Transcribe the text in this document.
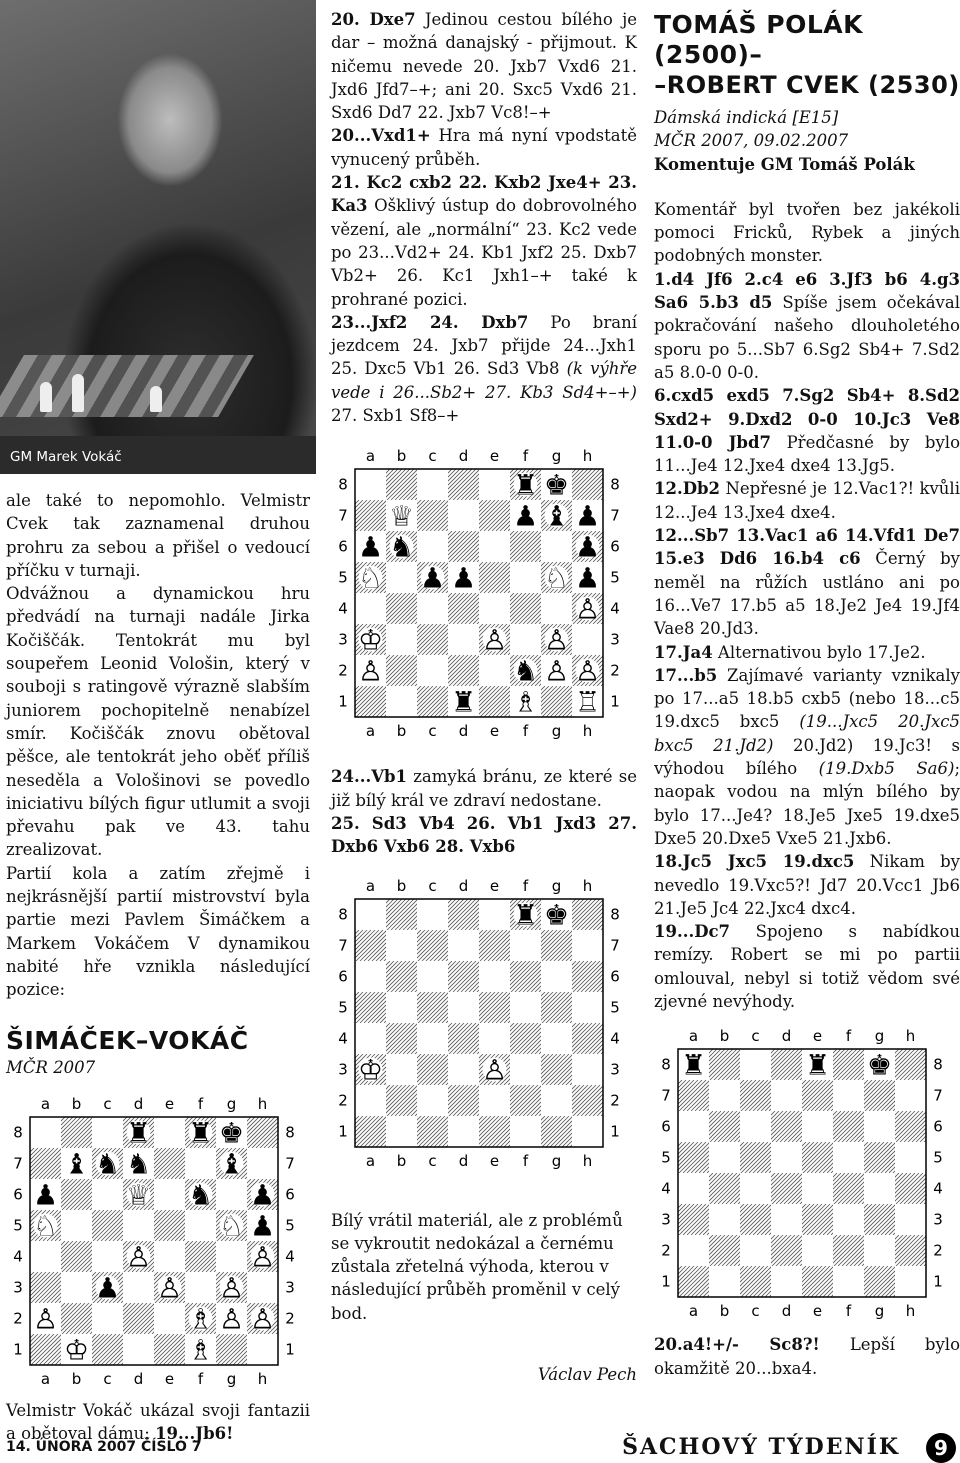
GM Marek Vokáč

ale také to nepomohlo. Velmistr Cvek tak zaznamenal druhou prohru za sebou a přišel o vedoucí příčku v turnaji.

Odvážnou a dynamickou hru předvádí na turnaji nadále Jirka Kočiščák. Tentokrát mu byl soupeřem Leonid Vološin, který v souboji s ratingově výrazně slabším juniorem pochopitelně nenabízel smír. Kočiščák znovu obětoval pěšce, ale tentokrát jeho oběť příliš neseděla a Vološinovi se povedlo iniciativu bílých figur utlumit a svoji převahu pak ve 43. tahu zrealizovat.

Partií kola a zatím zřejmě i nejkrásnější partií mistrovství byla partie mezi Pavlem Šimáčkem a Markem Vokáčem V dynamikou nabité hře vznikla následující pozice:

ŠIMÁČEK–VOKÁČ
MČR 2007
a
a
b
b
c
c
d
d
e
e
f
f
g
g
h
h
8	8
7	7
6	6
5	5
4	4
3	3
2	2
1	1
♜ ♜ ♚
♝ ♞ ♞ ♝
♟ ♕ ♞ ♟
♘	♘ ♟
♙	♙
♟ ♙ ♙
♙	♗ ♙ ♙
♔	♗

Velmistr Vokáč ukázal svoji fantazii a obětoval dámu: 19...Jb6!

20. Dxe7 Jedinou cestou bílého je dar – možná danajský - přijmout. K ničemu nevede 20. Jxb7 Vxd6 21. Jxd6 Jfd7–+; ani 20. Sxc5 Vxd6 21. Sxd6 Dd7 22. Jxb7 Vc8!–+

20...Vxd1+ Hra má nyní vpodstatě vynucený průběh.

21. Kc2 cxb2 22. Kxb2 Jxe4+ 23. Ka3 Ošklivý ústup do dobrovolného vězení, ale „normální“ 23. Kc2 vede po 23...Vd2+ 24. Kb1 Jxf2 25. Dxb7 Vb2+ 26. Kc1 Jxh1–+ také k prohrané pozici.

23...Jxf2 24. Dxb7 Po braní jezdcem 24. Jxb7 přijde 24...Jxh1 25. Dxc5 Vb1 26. Sd3 Vb8 (k výhře vede i 26...Sb2+ 27. Kb3 Sd4+–+) 27. Sxb1 Sf8–+

a
a
b
b
c
c
d
d
e
e
f
f
g
g
h
h
8	8
7	7
6	6
5	5
4	4
3	3
2	2
1	1
♜ ♚
♕	♟ ♝ ♟
♟ ♞	♟
♘ ♟ ♟ ♘ ♟
♙
♔	♙ ♙
♙	♞ ♙ ♙
♜ ♗ ♖

24...Vb1 zamyká bránu, ze které se již bílý král ve zdraví nedostane.

25. Sd3 Vb4 26. Vb1 Jxd3 27. Dxb6 Vxb6 28. Vxb6

a
a
b
b
c
c
d
d
e
e
f
f
g
g
h
h
8	8
7	7
6	6
5	5
4	4
3	3
2	2
1	1
♜ ♚
♔	♙

Bílý vrátil materiál, ale z problémů se vykroutit nedokázal a černému zůstala zřetelná výhoda, kterou v následující průběh proměnil v celý bod.

Václav Pech
TOMÁŠ POLÁK (2500)–
–ROBERT CVEK (2530)
Dámská indická [E15]
MČR 2007, 09.02.2007
Komentuje GM Tomáš Polák

Komentář byl tvořen bez jakékoli pomoci Fricků, Rybek a jiných podobných monster.

1.d4 Jf6 2.c4 e6 3.Jf3 b6 4.g3 Sa6 5.b3 d5 Spíše jsem očekával pokračování našeho dlouholetého sporu po 5...Sb7 6.Sg2 Sb4+ 7.Sd2 a5 8.0-0 0-0.

6.cxd5 exd5 7.Sg2 Sb4+ 8.Sd2 Sxd2+ 9.Dxd2 0-0 10.Jc3 Ve8 11.0-0 Jbd7 Předčasné by bylo 11...Je4 12.Jxe4 dxe4 13.Jg5.

12.Db2 Nepřesné je 12.Vac1?! kvůli 12...Je4 13.Jxe4 dxe4.

12...Sb7 13.Vac1 a6 14.Vfd1 De7 15.e3 Dd6 16.b4 c6 Černý by neměl na růžích ustláno ani po 16...Ve7 17.b5 a5 18.Je2 Je4 19.Jf4 Vae8 20.Jd3.

17.Ja4 Alternativou bylo 17.Je2.

17...b5 Zajímavé varianty vznikaly po 17...a5 18.b5 cxb5 (nebo 18...c5 19.dxc5 bxc5 (19...Jxc5 20.Jxc5 bxc5 21.Jd2) 20.Jd2) 19.Jc3! s výhodou bílého (19.Dxb5 Sa6); naopak vodou na mlýn bílého by bylo 17...Je4? 18.Je5 Jxe5 19.dxe5 Dxe5 20.Dxe5 Vxe5 21.Jxb6.

18.Jc5 Jxc5 19.dxc5 Nikam by nevedlo 19.Vxc5?! Jd7 20.Vcc1 Jb6 21.Je5 Jc4 22.Jxc4 dxc4.

19...Dc7 Spojeno s nabídkou remízy. Robert se mi po partii omlouval, nebyl si totiž vědom své zjevné nevýhody.

a
a
b
b
c
c
d
d
e
e
f
f
g
g
h
h
8	8
7	7
6	6
5	5
4	4
3	3
2	2
1	1
♜	♜ ♚

20.a4!+/- Sc8?! Lepší bylo okamžitě 20...bxa4.

14. ÚNORA 2007 ČÍSLO 7	ŠACHOVÝ TÝDENÍK	9
